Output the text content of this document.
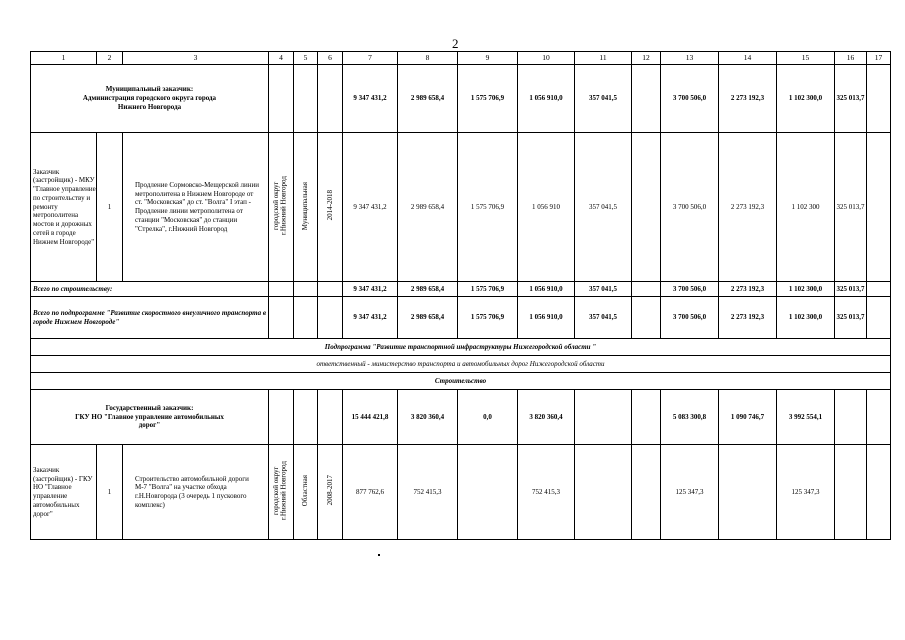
2
1	2	3	4	5	6	7	8	9	10	11	12	13	14	15	16	17
Муниципальный заказчик:
Администрация городского округа города
Нижнего Новгорода						9 347 431,2	2 989 658,4	1 575 706,9	1 056 910,0	357 041,5		3 700 506,0	2 273 192,3	1 102 300,0	325 013,7	
Заказчик (застройщик) - МКУ "Главное управление по строительству и ремонту метрополитена мостов и дорожных сетей в городе Нижнем Новгороде"	1	Продление Сормовско-Мещерской линии метрополитена в Нижнем Новгороде от ст. "Московская" до ст. "Волга" I этап - Продление линии метрополитена от станции "Московская" до станции "Стрелка", г.Нижний Новгород	городской округ г.Нижний Новгород	Муниципальная	2014-2018	9 347 431,2	2 989 658,4	1 575 706,9	1 056 910	357 041,5		3 700 506,0	2 273 192,3	1 102 300	325 013,7	
Всего по строительству:						9 347 431,2	2 989 658,4	1 575 706,9	1 056 910,0	357 041,5		3 700 506,0	2 273 192,3	1 102 300,0	325 013,7	
Всего по подпрограмме "Развитие скоростного внеуличного транспорта в городе Нижнем Новгороде"						9 347 431,2	2 989 658,4	1 575 706,9	1 056 910,0	357 041,5		3 700 506,0	2 273 192,3	1 102 300,0	325 013,7	
Подпрограмма "Развитие транспортной инфраструктуры Нижегородской области "																
ответственный - министерство транспорта и автомобильных дорог Нижегородской области																
Строительство																
Государственный заказчик:
ГКУ НО "Главное управление автомобильных
дорог"						15 444 421,8	3 820 360,4	0,0	3 820 360,4			5 083 300,8	1 090 746,7	3 992 554,1		
Заказчик (застройщик) - ГКУ НО "Главное управление автомобильных дорог"	1	Строительство автомобильной дороги М-7 "Волга" на участке обхода г.Н.Новгорода (3 очередь 1 пускового комплекс)	городской округ г.Нижний Новгород	Областная	2008-2017	877 762,6	752 415,3		752 415,3			125 347,3		125 347,3		
